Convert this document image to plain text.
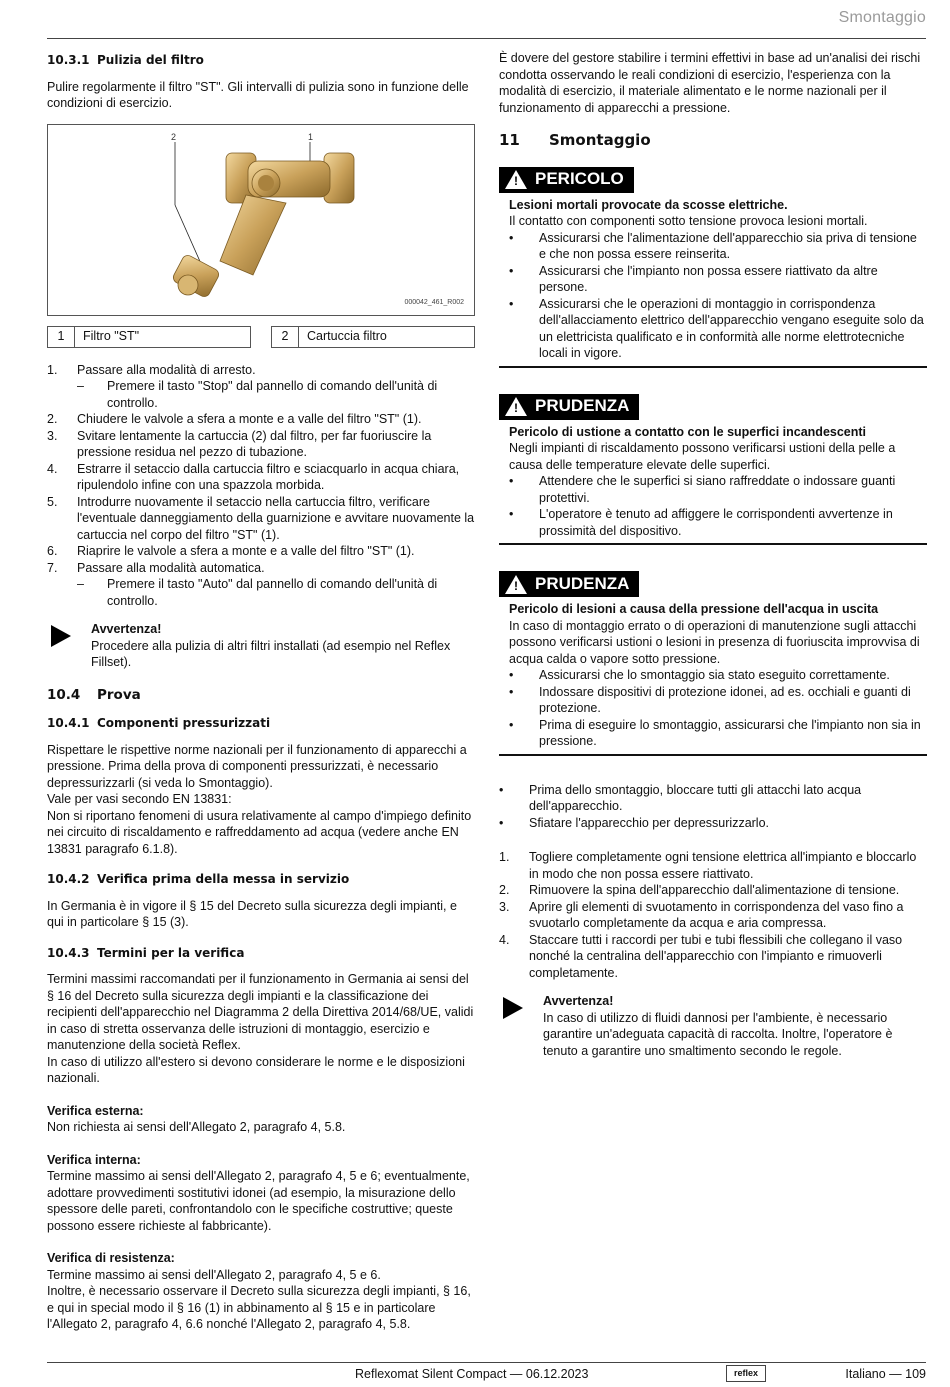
Smontaggio
10.3.1 Pulizia del filtro

Pulire regolarmente il filtro "ST". Gli intervalli di pulizia sono in funzione delle condizioni di esercizio.

2	1
000042_461_R002
1	Filtro "ST"	2	Cartuccia filtro
1. Passare alla modalità di arresto.
– Premere il tasto "Stop" dal pannello di comando dell'unità di controllo.
2. Chiudere le valvole a sfera a monte e a valle del filtro "ST" (1).
3. Svitare lentamente la cartuccia (2) dal filtro, per far fuoriuscire la pressione residua nel pezzo di tubazione.
4. Estrarre il setaccio dalla cartuccia filtro e sciacquarlo in acqua chiara, ripulendolo infine con una spazzola morbida.
5. Introdurre nuovamente il setaccio nella cartuccia filtro, verificare l'eventuale danneggiamento della guarnizione e avvitare nuovamente la cartuccia nel corpo del filtro "ST" (1).
6. Riaprire le valvole a sfera a monte e a valle del filtro "ST" (1).
7. Passare alla modalità automatica.
– Premere il tasto "Auto" dal pannello di comando dell'unità di controllo.
Avvertenza!
Procedere alla pulizia di altri filtri installati (ad esempio nel Reflex Fillset).
10.4 Prova
10.4.1 Componenti pressurizzati

Rispettare le rispettive norme nazionali per il funzionamento di apparecchi a pressione. Prima della prova di componenti pressurizzati, è necessario depressurizzarli (si veda lo Smontaggio).

Vale per vasi secondo EN 13831:

Non si riportano fenomeni di usura relativamente al campo d'impiego definito nei circuito di riscaldamento e raffreddamento ad acqua (vedere anche EN 13831 paragrafo 6.1.8).

10.4.2 Verifica prima della messa in servizio

In Germania è in vigore il § 15 del Decreto sulla sicurezza degli impianti, e qui in particolare § 15 (3).

10.4.3 Termini per la verifica

Termini massimi raccomandati per il funzionamento in Germania ai sensi del § 16 del Decreto sulla sicurezza degli impianti e la classificazione dei recipienti dell'apparecchio nel Diagramma 2 della Direttiva 2014/68/UE, validi in caso di stretta osservanza delle istruzioni di montaggio, esercizio e manutenzione della società Reflex.

In caso di utilizzo all'estero si devono considerare le norme e le disposizioni nazionali.

Verifica esterna:

Non richiesta ai sensi dell'Allegato 2, paragrafo 4, 5.8.

Verifica interna:

Termine massimo ai sensi dell'Allegato 2, paragrafo 4, 5 e 6; eventualmente, adottare provvedimenti sostitutivi idonei (ad esempio, la misurazione dello spessore delle pareti, confrontandolo con le specifiche costruttive; queste possono essere richieste al fabbricante).

Verifica di resistenza:

Termine massimo ai sensi dell'Allegato 2, paragrafo 4, 5 e 6.

Inoltre, è necessario osservare il Decreto sulla sicurezza degli impianti, § 16, e qui in special modo il § 16 (1) in abbinamento al § 15 e in particolare l'Allegato 2, paragrafo 4, 6.6 nonché l'Allegato 2, paragrafo 4, 5.8.

È dovere del gestore stabilire i termini effettivi in base ad un'analisi dei rischi condotta osservando le reali condizioni di esercizio, l'esperienza con la modalità di esercizio, il materiale alimentato e le norme nazionali per il funzionamento di apparecchi a pressione.

11 Smontaggio
! PERICOLO
Lesioni mortali provocate da scosse elettriche.
Il contatto con componenti sotto tensione provoca lesioni mortali.
• Assicurarsi che l'alimentazione dell'apparecchio sia priva di tensione e che non possa essere reinserita.
• Assicurarsi che l'impianto non possa essere riattivato da altre persone.
• Assicurarsi che le operazioni di montaggio in corrispondenza dell'allacciamento elettrico dell'apparecchio vengano eseguite solo da un elettricista qualificato e in conformità alle norme elettrotecniche locali in vigore.
! PRUDENZA
Pericolo di ustione a contatto con le superfici incandescenti
Negli impianti di riscaldamento possono verificarsi ustioni della pelle a causa delle temperature elevate delle superfici.
• Attendere che le superfici si siano raffreddate o indossare guanti protettivi.
• L'operatore è tenuto ad affiggere le corrispondenti avvertenze in prossimità del dispositivo.
! PRUDENZA
Pericolo di lesioni a causa della pressione dell'acqua in uscita
In caso di montaggio errato o di operazioni di manutenzione sugli attacchi possono verificarsi ustioni o lesioni in presenza di fuoriuscita improvvisa di acqua calda o vapore sotto pressione.
• Assicurarsi che lo smontaggio sia stato eseguito correttamente.
• Indossare dispositivi di protezione idonei, ad es. occhiali e guanti di protezione.
• Prima di eseguire lo smontaggio, assicurarsi che l'impianto non sia in pressione.
• Prima dello smontaggio, bloccare tutti gli attacchi lato acqua dell'apparecchio.
• Sfiatare l'apparecchio per depressurizzarlo.
1. Togliere completamente ogni tensione elettrica all'impianto e bloccarlo in modo che non possa essere riattivato.
2. Rimuovere la spina dell'apparecchio dall'alimentazione di tensione.
3. Aprire gli elementi di svuotamento in corrispondenza del vaso fino a svuotarlo completamente da acqua e aria compressa.
4. Staccare tutti i raccordi per tubi e tubi flessibili che collegano il vaso nonché la centralina dell'apparecchio con l'impianto e rimuoverli completamente.
Avvertenza!
In caso di utilizzo di fluidi dannosi per l'ambiente, è necessario garantire un'adeguata capacità di raccolta. Inoltre, l'operatore è tenuto a garantire uno smaltimento secondo le regole.
Reflexomat Silent Compact — 06.12.2023	reflex	Italiano — 109
